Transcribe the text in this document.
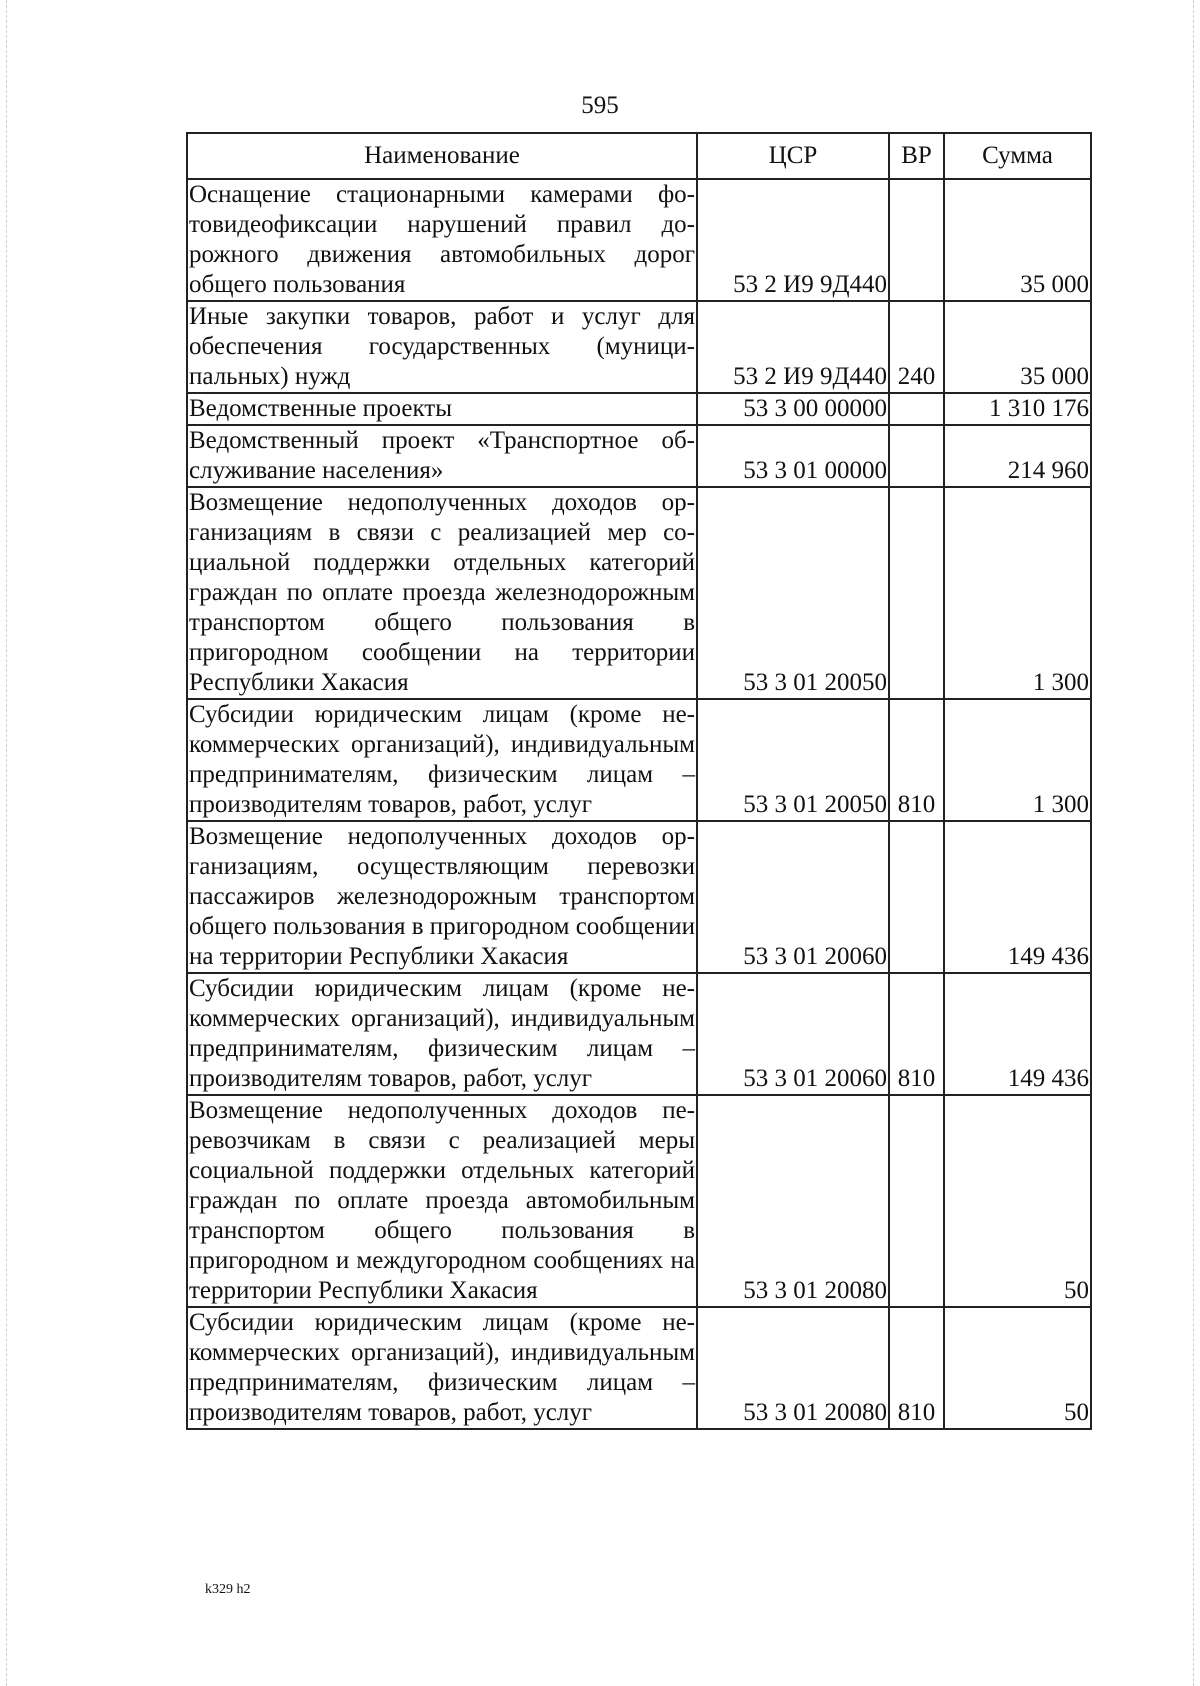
595
Наименование	ЦСР	ВР	Сумма
Оснащение стационарными камерами фотовидеофиксации нарушений правил дорожного движения автомобильных дорог общего пользования	53 2 И9 9Д440		35 000
Иные закупки товаров, работ и услуг для обеспечения государственных (муниципальных) нужд	53 2 И9 9Д440	240	35 000
Ведомственные проекты	53 3 00 00000		1 310 176
Ведомственный проект «Транспортное обслуживание населения»	53 3 01 00000		214 960
Возмещение недополученных доходов организациям в связи с реализацией мер социальной поддержки отдельных категорий граждан по оплате проезда железнодорожным транспортом общего пользования в пригородном сообщении на территории Республики Хакасия	53 3 01 20050		1 300
Субсидии юридическим лицам (кроме некоммерческих организаций), индивидуальным предпринимателям, физическим лицам – производителям товаров, работ, услуг	53 3 01 20050	810	1 300
Возмещение недополученных доходов организациям, осуществляющим перевозки пассажиров железнодорожным транспортом общего пользования в пригородном сообщении на территории Республики Хакасия	53 3 01 20060		149 436
Субсидии юридическим лицам (кроме некоммерческих организаций), индивидуальным предпринимателям, физическим лицам – производителям товаров, работ, услуг	53 3 01 20060	810	149 436
Возмещение недополученных доходов перевозчикам в связи с реализацией меры социальной поддержки отдельных категорий граждан по оплате проезда автомобильным транспортом общего пользования в пригородном и междугородном сообщениях на территории Республики Хакасия	53 3 01 20080		50
Субсидии юридическим лицам (кроме некоммерческих организаций), индивидуальным предпринимателям, физическим лицам – производителям товаров, работ, услуг	53 3 01 20080	810	50
k329 h2
